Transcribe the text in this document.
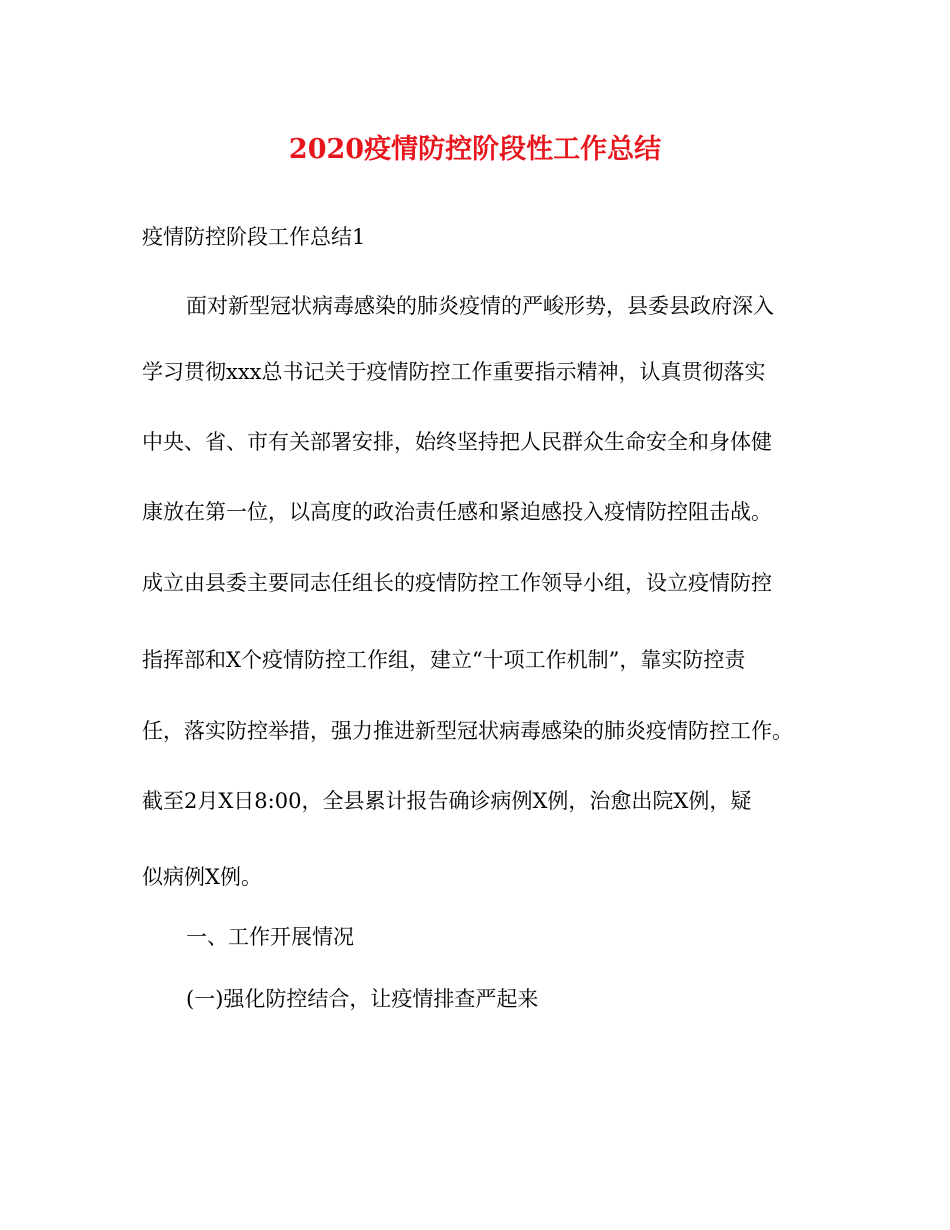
2020疫情防控阶段性工作总结
疫情防控阶段工作总结1
面对新型冠状病毒感染的肺炎疫情的严峻形势，县委县政府深入
学习贯彻xxx总书记关于疫情防控工作重要指示精神，认真贯彻落实
中央、省、市有关部署安排，始终坚持把人民群众生命安全和身体健
康放在第一位，以高度的政治责任感和紧迫感投入疫情防控阻击战。
成立由县委主要同志任组长的疫情防控工作领导小组，设立疫情防控
指挥部和X个疫情防控工作组，建立“十项工作机制”，靠实防控责
任，落实防控举措，强力推进新型冠状病毒感染的肺炎疫情防控工作。
截至2月X日8:00，全县累计报告确诊病例X例，治愈出院X例，疑
似病例X例。
一、工作开展情况
(一)强化防控结合，让疫情排查严起来
